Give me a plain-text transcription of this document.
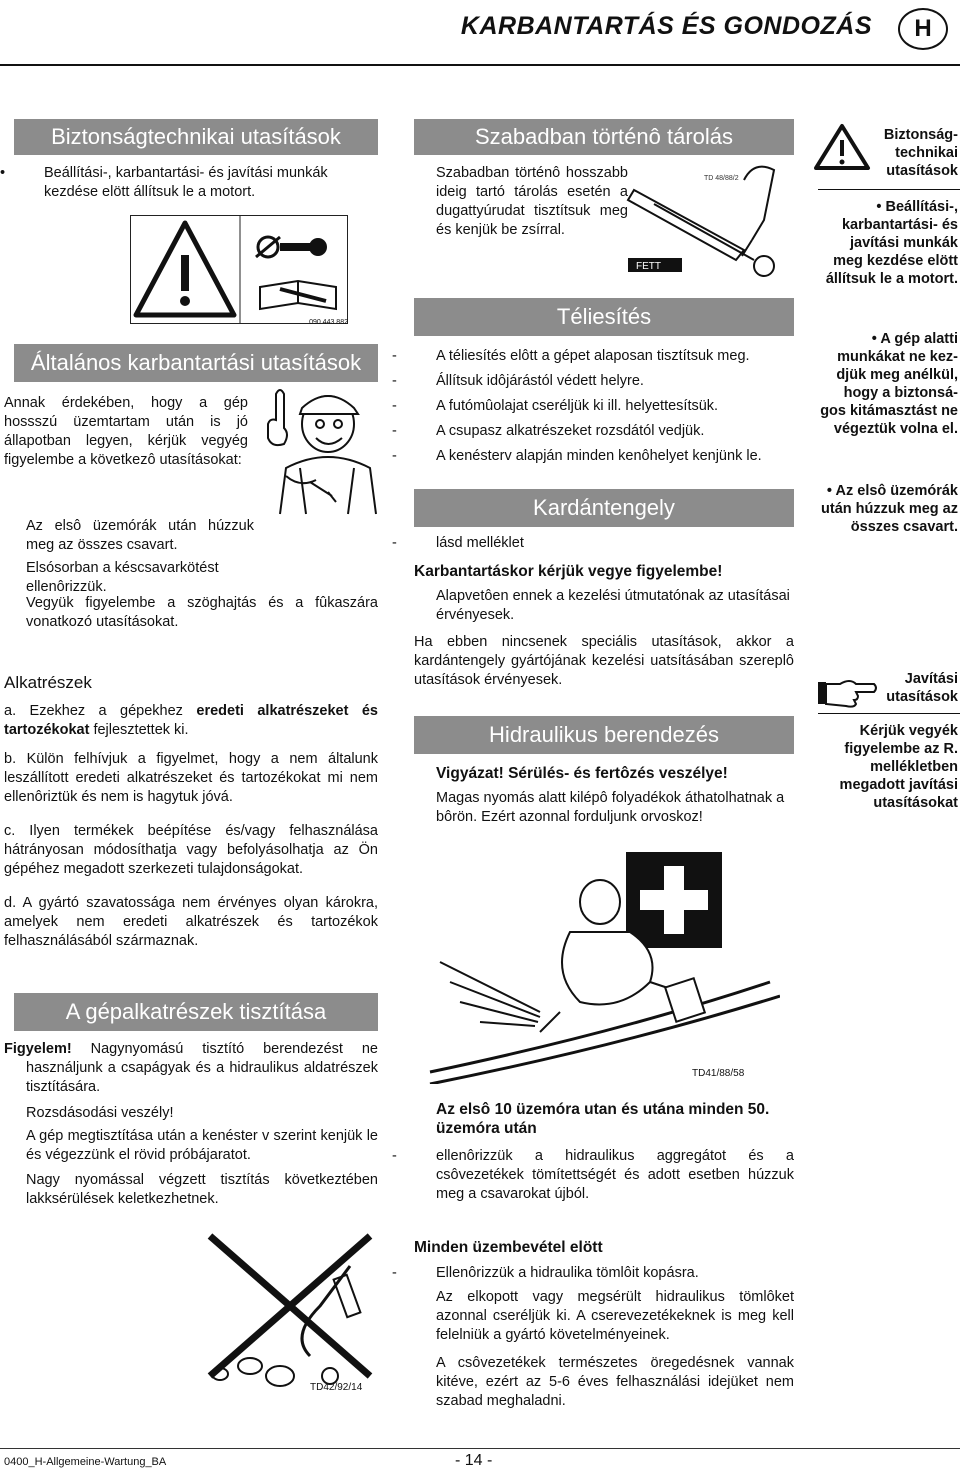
KARBANTARTÁS ÉS GONDOZÁS	H
Biztonságtechnikai utasítások

•	Beállítási-, karbantartási- és javítási munkák kezdése elött állítsuk le a motort.

090 443 882
Általános karbantartási utasítások
Annak érdekében, hogy a gép hossszú üzemtartam után is jó állapotban legyen, kérjük vegyég figyelembe a következô utasításokat:

Az elsô üzemórák után húzzuk meg az összes csavart.

Elsósorban a késcsavarkötést ellenôrizzük.

Vegyük figyelembe a szöghajtás és a fûkaszára vonatkozó utasításokat.

Alkatrészek

a. Ezekhez a gépekhez eredeti alkatrészeket és tartozékokat fejlesztettek ki.

b. Külön felhívjuk a figyelmet, hogy a nem általunk leszállított eredeti alkatrészeket és tartozékokat mi nem ellenôriztük és nem is hagytuk jóvá.
c. Ilyen termékek beépítése és/vagy felhasználása hátrányosan módosíthatja vagy befolyásolhatja az Ön gépéhez megadott szerkezeti tulajdonságokat.
d. A gyártó szavatossága nem érvényes olyan károkra, amelyek nem eredeti alkatrészek és tartozékok felhasználásából származnak.
A gépalkatrészek tisztítása

Figyelem! Nagynyomású tisztító berendezést ne használjunk a csapágyak és a hidraulikus aldatrészek tisztítására.

Rozsdásodási veszély!

A gép megtisztítása után a kenéster v szerint kenjük le és végezzünk el rövid próbájaratot.

Nagy nyomással végzett tisztítás következtében lakksérülések keletkezhetnek.

TD42/92/14
Szabadban történô tárolás
Szabadban történô hosszabb ideig tartó tárolás esetén a dugattyúrudat tisztítsuk meg és kenjük be zsírral.
FETT
TD 48/88/2
Téliesítés

-	A téliesítés elôtt a gépet alaposan tisztítsuk meg.

-	Állítsuk idôjárástól védett helyre.

-	A futómûolajat cseréljük ki ill. helyettesítsük.

-	A csupasz alkatrészeket rozsdától vedjük.

-	A kenésterv alapján minden kenôhelyet kenjünk le.

Kardántengely

-	lásd melléklet

Karbantartáskor kérjük vegye figyelembe!
Alapvetôen ennek a kezelési útmutatónak az utasításai érvényesek.
Ha ebben nincsenek speciális utasítások, akkor a kardántengely gyártójának kezelési uatsításában szereplô utasítások érvényesek.
Hidraulikus berendezés
Vigyázat! Sérülés- és fertôzés veszélye!
Magas nyomás alatt kilépô folyadékok áthatolhatnak a bôrön. Ezért azonnal forduljunk orvoskoz!
TD41/88/58
Az elsô 10 üzemóra utan és utána minden 50. üzemóra után

-	ellenôrizzük a hidraulikus aggregátot és a csôvezetékek tömítettségét és adott esetben húzzuk meg a csavarokat újból.

Minden üzembevétel elött

-	Ellenôrizzük a hidraulika tömlôit kopásra.

Az elkopott vagy megsérült hidraulikus tömlôket azonnal cseréljük ki. A cserevezetékeknek is meg kell felelniük a gyártó követelményeinek.
A csôvezetékek természetes öregedésnek vannak kitéve, ezért az 5-6 éves felhasználási idejüket nem szabad meghaladni.
Biztonság-technikai utasítások
• Beállítási-, karbantartási- és javítási munkák meg kezdése elött állítsuk le a motort.
• A gép alatti munkákat ne kez-djük meg anélkül, hogy a biztonsá-gos kitámasztást ne végeztük volna el.
• Az elsô üzemórák után húzzuk meg az összes csavart.
Javítási utasítások
Kérjük vegyék figyelembe az R. mellékletben megadott javítási utasításokat
0400_H-Allgemeine-Wartung_BA	- 14 -
